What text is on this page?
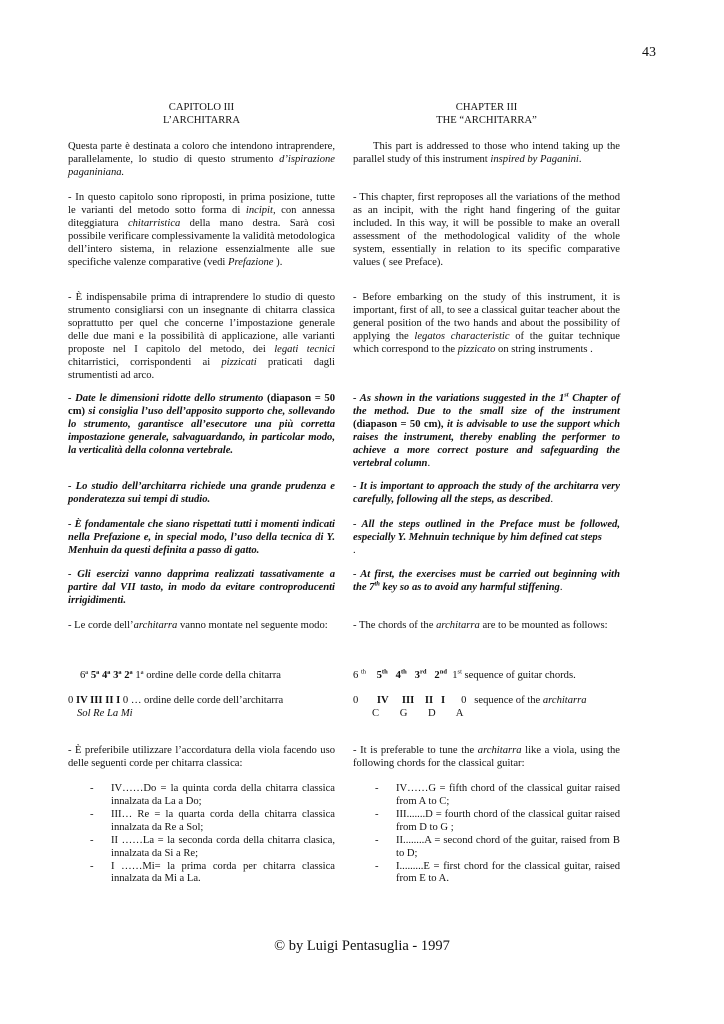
43
CAPITOLO III
L’ARCHITARRA
Questa parte è destinata a coloro che intendono intraprendere, parallelamente, lo studio di questo strumento d’ispirazione paganiniana.
- In questo capitolo sono riproposti, in prima posizione, tutte le varianti del metodo sotto forma di incipit, con annessa diteggiatura chitarristica della mano destra. Sarà così possibile verificare complessivamente la validità metodologica dell’intero sistema, in relazione essenzialmente alle sue specifiche valenze comparative (vedi Prefazione ).
- È indispensabile prima di intraprendere lo studio di questo strumento consigliarsi con un insegnante di chitarra classica soprattutto per quel che concerne l’impostazione generale delle due mani e la possibilità di applicazione, alle varianti proposte nel I capitolo del metodo, dei legati tecnici chitarristici, corrispondenti ai pizzicati praticati dagli strumentisti ad arco.
- Date le dimensioni ridotte dello strumento (diapason = 50 cm) si consiglia l’uso dell’apposito supporto che, sollevando lo strumento, garantisce all’esecutore una più corretta impostazione generale, salvaguardando, in particolar modo, la verticalità della colonna vertebrale.
- Lo studio dell’architarra richiede una grande prudenza e ponderatezza sui tempi di studio.
- È fondamentale che siano rispettati tutti i momenti indicati nella Prefazione e, in special modo, l’uso della tecnica di Y. Menhuin da questi definita a passo di gatto.
- Gli esercizi vanno dapprima realizzati tassativamente a partire dal VII tasto, in modo da evitare controproducenti irrigidimenti.
- Le corde dell’architarra vanno montate nel seguente modo:
6ª 5ª 4ª 3ª 2ª 1ª ordine delle corde della chitarra
0 IV III II I 0 … ordine delle corde dell’architarra
Sol Re La Mi
- È preferibile utilizzare l’accordatura della viola facendo uso delle seguenti corde per chitarra classica:
- IV……Do = la quinta corda della chitarra classica innalzata da La a Do;
- III… Re = la quarta corda della chitarra classica innalzata da Re a Sol;
- II ……La = la seconda corda della chitarra clasica, innalzata da Si a Re;
- I ……Mi= la prima corda per chitarra classica innalzata da Mi a La.
CHAPTER III
THE “ARCHITARRA”
This part is addressed to those who intend taking up the parallel study of this instrument inspired by Paganini.
- This chapter, first reproposes all the variations of the method as an incipit, with the right hand fingering of the guitar included. In this way, it will be possible to make an overall assessment of the methodological validity of the whole system, essentially in relation to its specific comparative values ( see Preface).
- Before embarking on the study of this instrument, it is important, first of all, to see a classical guitar teacher about the general position of the two hands and about the possibility of applying the legatos characteristic of the guitar technique which correspond to the pizzicato on string instruments .
- As shown in the variations suggested in the 1st Chapter of the method. Due to the small size of the instrument (diapason = 50 cm), it is advisable to use the support which raises the instrument, thereby enabling the performer to achieve a more correct posture and safeguarding the vertebral column.
- It is important to approach the study of the architarra very carefully, following all the steps, as described.
- All the steps outlined in the Preface must be followed, especially Y. Mehnuin technique by him defined cat steps
.
- At first, the exercises must be carried out beginning with the 7th key so as to avoid any harmful stiffening.
- The chords of the architarra are to be mounted as follows:
6 $^{th}$ 5th 4th 3rd 2nd 1st sequence of guitar chords.
0 IV III II I 0   sequence of the architarra
C G D A
- It is preferable to tune the architarra like a viola, using the following chords for the classical guitar:
- IV……G = fifth chord of the classical guitar raised from A to C;
- III.......D = fourth chord of the classical guitar raised from D to G ;
- II........A = second chord of the guitar, raised from B to D;
- I.........E = first chord for the classical guitar, raised from E to A.
© by Luigi Pentasuglia - 1997
